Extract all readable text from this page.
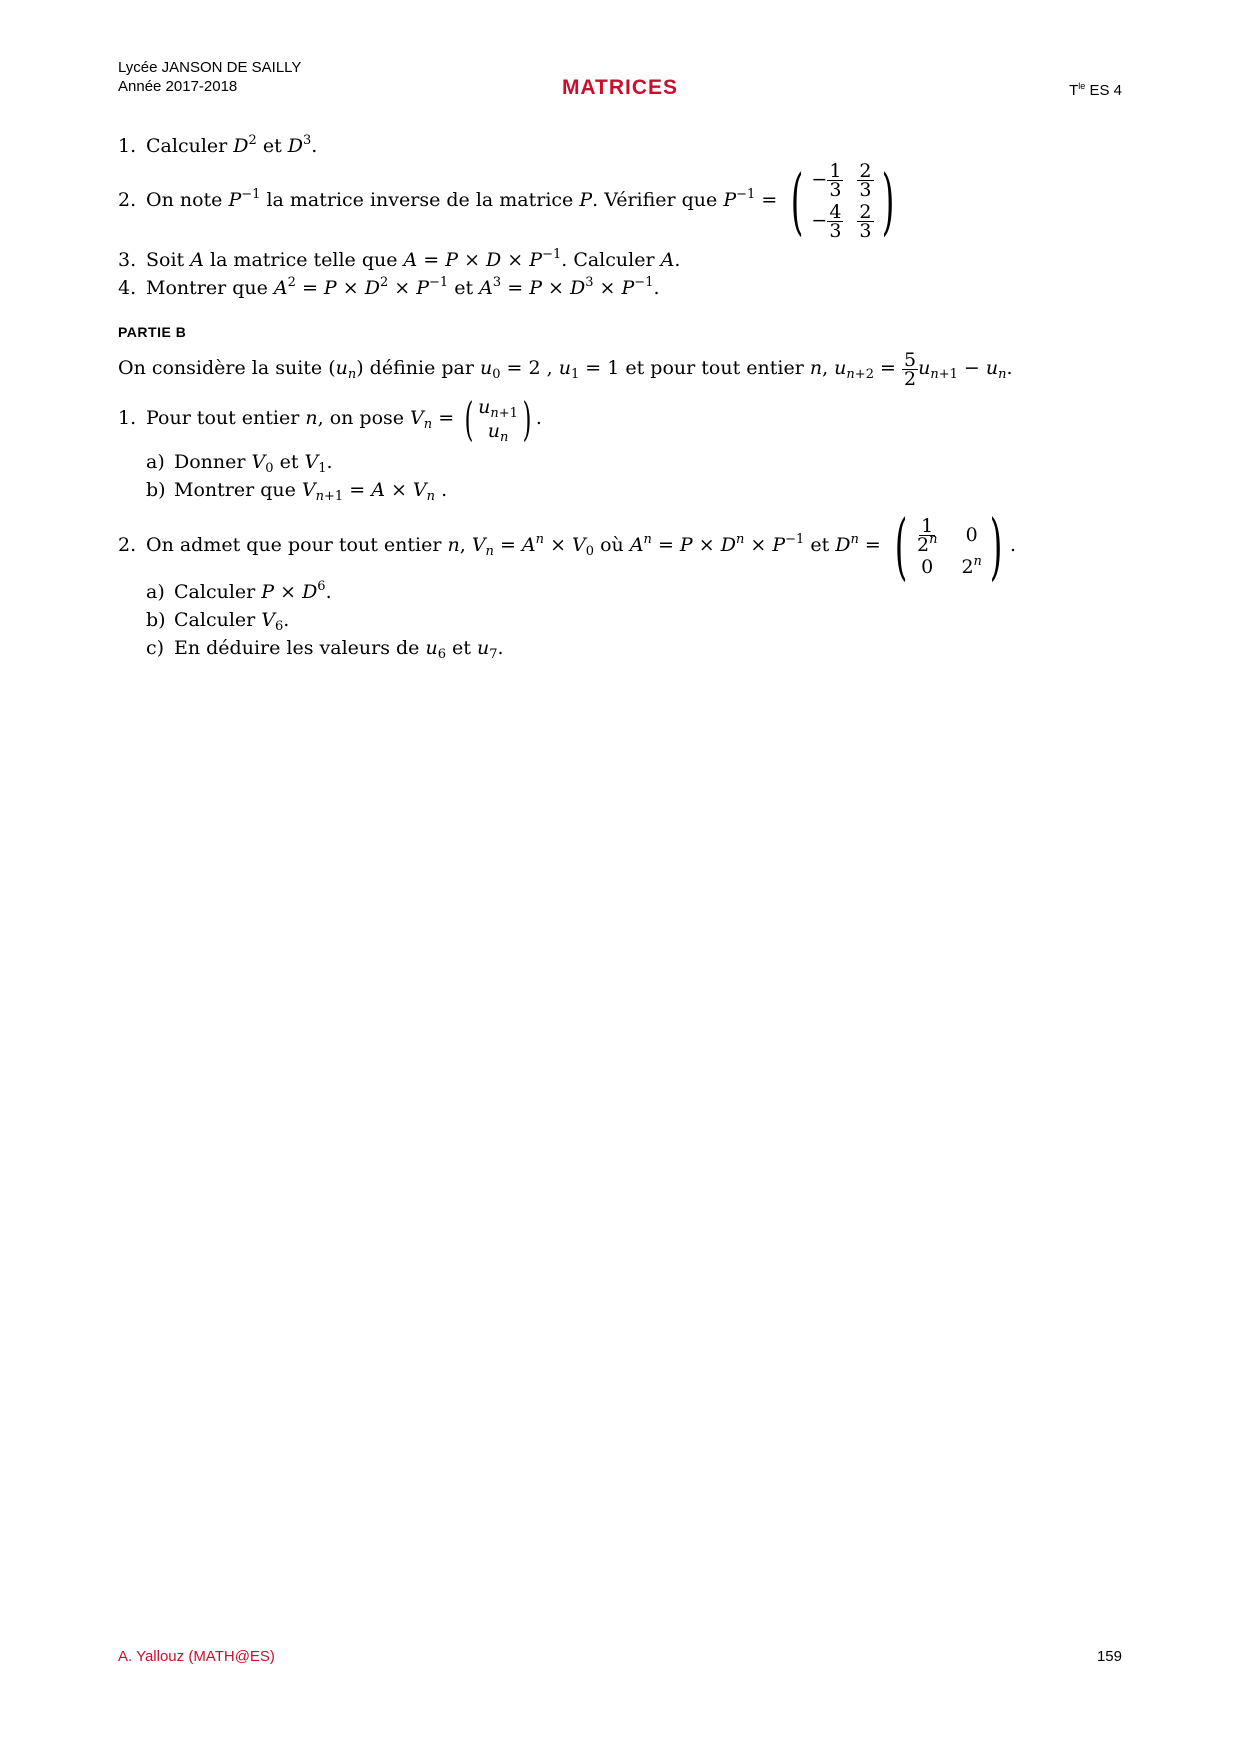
Lycée JANSON DE SAILLY
Année 2017-2018	MATRICES	$T^{le}$ ES 4
1. Calculer $D^2$ et $D^3$.
2. On note $P^{-1}$ la matrice inverse de la matrice P. Vérifier que $P^{-1}$ = ( − $\frac{1}{3} \frac{2}{3}$
− $\frac{4}{3} \frac{2}{3}$ )
3. Soit A la matrice telle que $A = P \times D \times P^{-1}$. Calculer A.
4. Montrer que $A^2 = P \times D^2 \times P^{-1}$ et $A^3 = P \times D^3 \times P^{-1}$.
PARTIE B
On considère la suite $(u_n)$ définie par $u_0 = 2$ , $u_1 = 1$ et pour tout entier n, $u_{n+2} = \frac{5}{2} u_{n+1} - u_n$.
1. Pour tout entier n, on pose $V_n$ = ( $u_{n+1}$
$u_n$ ) .
a) Donner $V_0$ et $V_1$.
b) Montrer que $V_{n+1} = A \times V_n$ .
2. On admet que pour tout entier n, $V_n = A^n \times V_0$ où $A^n = P \times D^n \times P^{-1}$ et $D^n$ = ( $\frac{1}{2^n} 0$
0	2$^n$ ) .
a) Calculer $P \times D^6$.
b) Calculer $V_6$.
c) En déduire les valeurs de $u_6$ et $u_7$.
A. Yallouz (MATH@ES)	159
